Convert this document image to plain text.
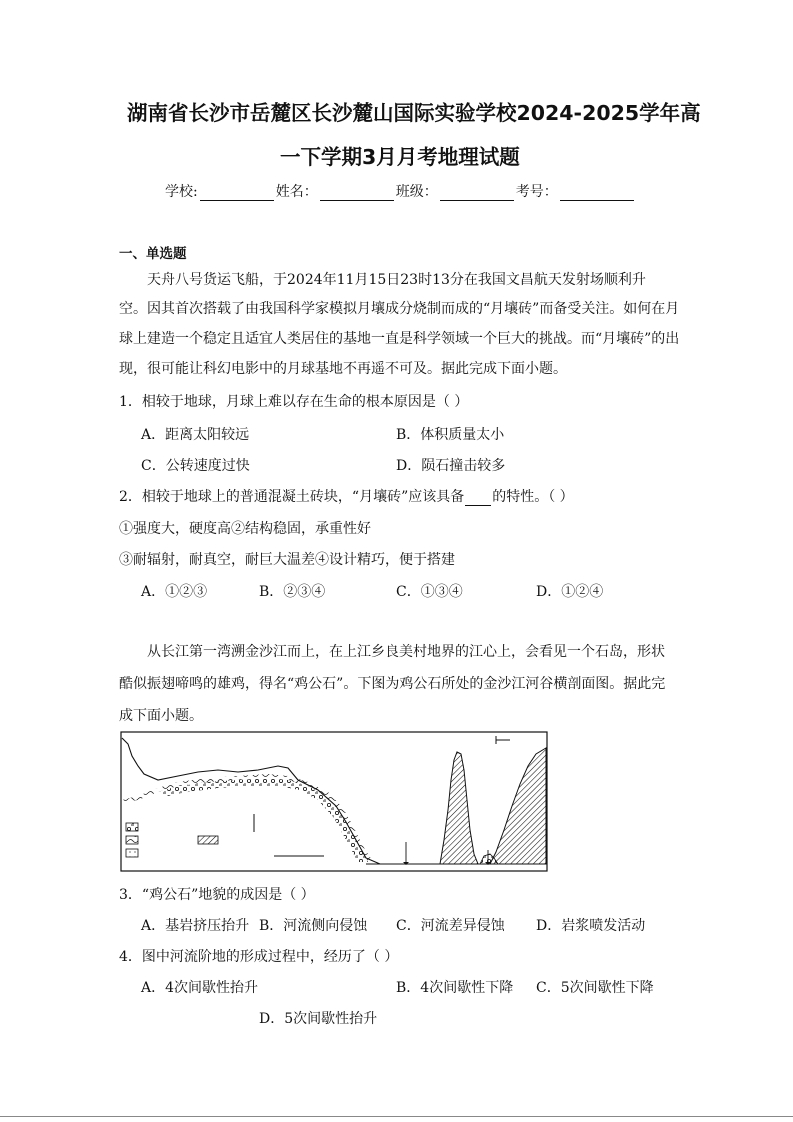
湖南省长沙市岳麓区长沙麓山国际实验学校2024-2025学年高
一下学期3月月考地理试题
学校:	姓名：	班级：	考号：
一、单选题
天舟八号货运飞船，于2024年11月15日23时13分在我国文昌航天发射场顺利升
空。因其首次搭载了由我国科学家模拟月壤成分烧制而成的“月壤砖”而备受关注。如何在月
球上建造一个稳定且适宜人类居住的基地一直是科学领域一个巨大的挑战。而“月壤砖”的出
现，很可能让科幻电影中的月球基地不再遥不可及。据此完成下面小题。
1．相较于地球，月球上难以存在生命的根本原因是（ ）
A．距离太阳较远	B．体积质量太小
C．公转速度过快	D．陨石撞击较多
2．相较于地球上的普通混凝土砖块，“月壤砖”应该具备 的特性。（ ）
①强度大，硬度高②结构稳固，承重性好
③耐辐射，耐真空，耐巨大温差④设计精巧，便于搭建
A．①②③	B．②③④	C．①③④	D．①②④
从长江第一湾溯金沙江而上，在上江乡良美村地界的江心上，会看见一个石岛，形状
酷似振翅啼鸣的雄鸡，得名“鸡公石”。下图为鸡公石所处的金沙江河谷横剖面图。据此完
成下面小题。
3．“鸡公石”地貌的成因是（ ）
A．基岩挤压抬升 B．河流侧向侵蚀 C．河流差异侵蚀 D．岩浆喷发活动
4．图中河流阶地的形成过程中，经历了（ ）
A．4次间歇性抬升	B．4次间歇性下降 C．5次间歇性下降
D．5次间歇性抬升
